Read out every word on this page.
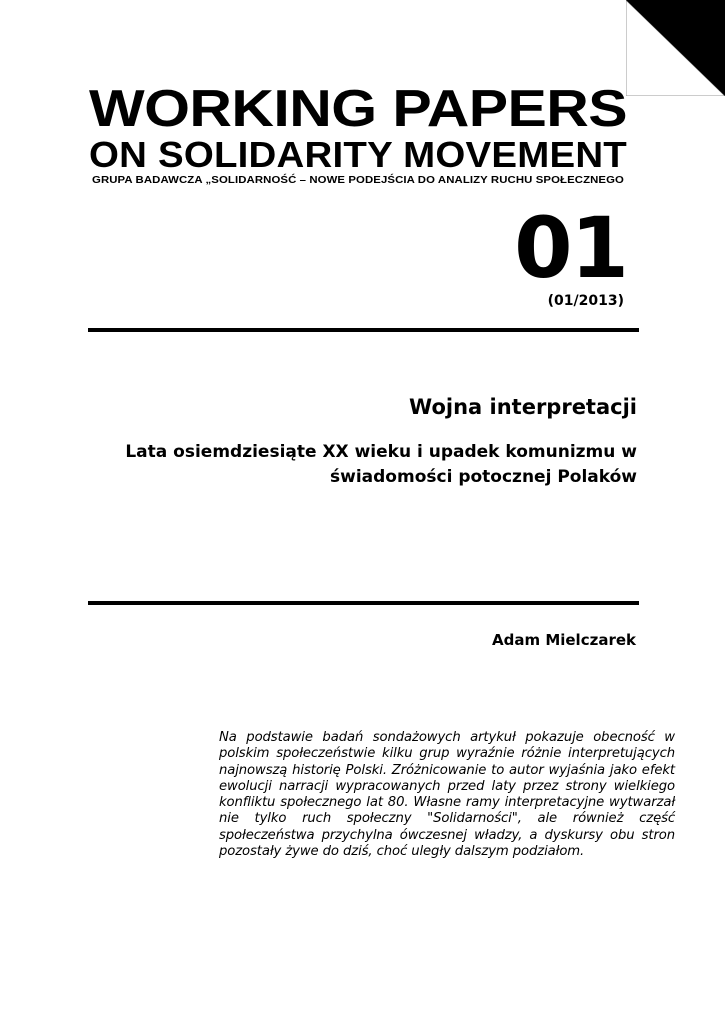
WORKING PAPERS
ON SOLIDARITY MOVEMENT
GRUPA BADAWCZA „SOLIDARNOŚĆ – NOWE PODEJŚCIA DO ANALIZY RUCHU SPOŁECZNEGO
01
(01/2013)
Wojna interpretacji
Lata osiemdziesiąte XX wieku i upadek komunizmu w świadomości potocznej Polaków
Adam Mielczarek
Na podstawie badań sondażowych artykuł pokazuje obecność w polskim społeczeństwie kilku grup wyraźnie różnie interpretujących najnowszą historię Polski. Zróżnicowanie to autor wyjaśnia jako efekt ewolucji narracji wypracowanych przed laty przez strony wielkiego konfliktu społecznego lat 80. Własne ramy interpretacyjne wytwarzał nie tylko ruch społeczny "Solidarności", ale również część społeczeństwa przychylna ówczesnej władzy, a dyskursy obu stron pozostały żywe do dziś, choć uległy dalszym podziałom.
